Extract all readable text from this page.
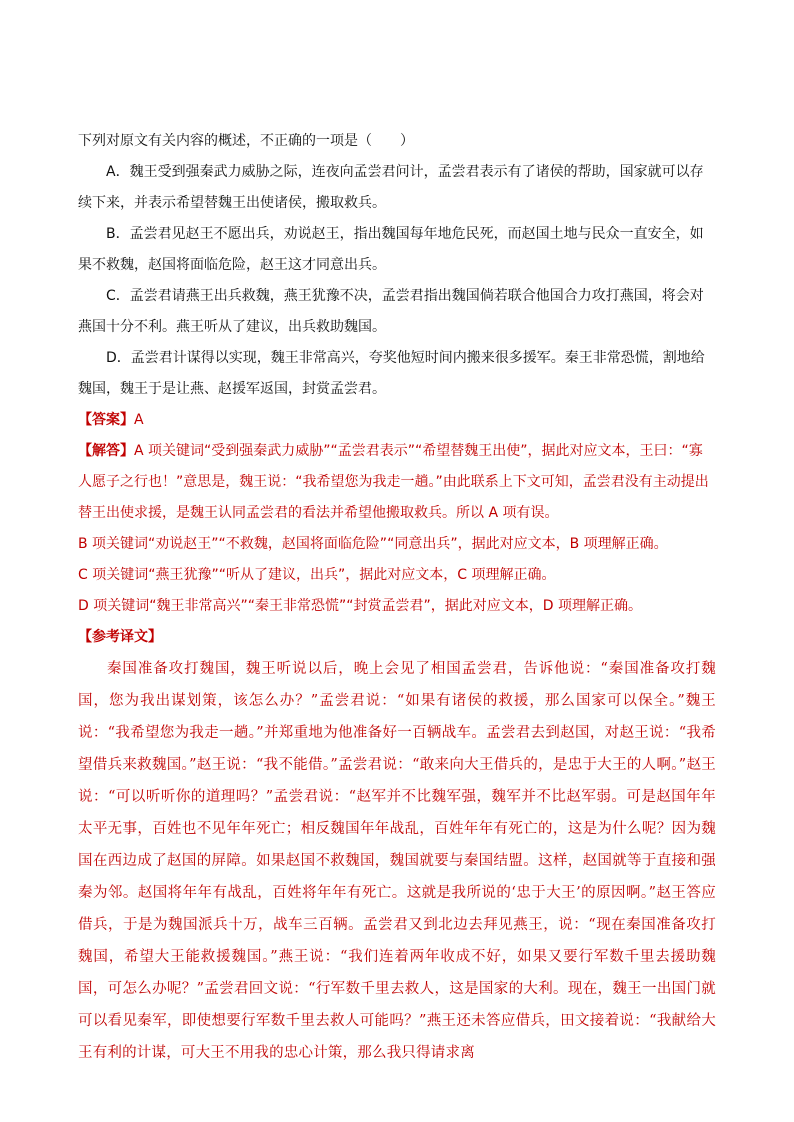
下列对原文有关内容的概述，不正确的一项是（　　）

A．魏王受到强秦武力威胁之际，连夜向孟尝君问计，孟尝君表示有了诸侯的帮助，国家就可以存续下来，并表示希望替魏王出使诸侯，搬取救兵。

B．孟尝君见赵王不愿出兵，劝说赵王，指出魏国每年地危民死，而赵国土地与民众一直安全，如果不救魏，赵国将面临危险，赵王这才同意出兵。

C．孟尝君请燕王出兵救魏，燕王犹豫不决，孟尝君指出魏国倘若联合他国合力攻打燕国，将会对燕国十分不利。燕王听从了建议，出兵救助魏国。

D．孟尝君计谋得以实现，魏王非常高兴，夸奖他短时间内搬来很多援军。秦王非常恐慌，割地给魏国，魏王于是让燕、赵援军返国，封赏孟尝君。

【答案】A

【解答】A 项关键词“受到强秦武力威胁”“孟尝君表示”“希望替魏王出使”，据此对应文本，王曰：“寡人愿子之行也！”意思是，魏王说：“我希望您为我走一趟。”由此联系上下文可知，孟尝君没有主动提出替王出使求援，是魏王认同孟尝君的看法并希望他搬取救兵。所以 A 项有误。

B 项关键词“劝说赵王”“不救魏，赵国将面临危险”“同意出兵”，据此对应文本，B 项理解正确。

C 项关键词“燕王犹豫”“听从了建议，出兵”，据此对应文本，C 项理解正确。

D 项关键词“魏王非常高兴”“秦王非常恐慌”“封赏孟尝君”，据此对应文本，D 项理解正确。

【参考译文】

秦国准备攻打魏国，魏王听说以后，晚上会见了相国孟尝君，告诉他说：“秦国准备攻打魏国，您为我出谋划策，该怎么办？”孟尝君说：“如果有诸侯的救援，那么国家可以保全。”魏王说：“我希望您为我走一趟。”并郑重地为他准备好一百辆战车。孟尝君去到赵国，对赵王说：“我希望借兵来救魏国。”赵王说：“我不能借。”孟尝君说：“敢来向大王借兵的，是忠于大王的人啊。”赵王说：“可以听听你的道理吗？”孟尝君说：“赵军并不比魏军强，魏军并不比赵军弱。可是赵国年年太平无事，百姓也不见年年死亡；相反魏国年年战乱，百姓年年有死亡的，这是为什么呢？因为魏国在西边成了赵国的屏障。如果赵国不救魏国，魏国就要与秦国结盟。这样，赵国就等于直接和强秦为邻。赵国将年年有战乱，百姓将年年有死亡。这就是我所说的‘忠于大王’的原因啊。”赵王答应借兵，于是为魏国派兵十万，战车三百辆。孟尝君又到北边去拜见燕王，说：“现在秦国准备攻打魏国，希望大王能救援魏国。”燕王说：“我们连着两年收成不好，如果又要行军数千里去援助魏国，可怎么办呢？”孟尝君回文说：“行军数千里去救人，这是国家的大利。现在，魏王一出国门就可以看见秦军，即使想要行军数千里去救人可能吗？”燕王还未答应借兵，田文接着说：“我献给大王有利的计谋，可大王不用我的忠心计策，那么我只得请求离
